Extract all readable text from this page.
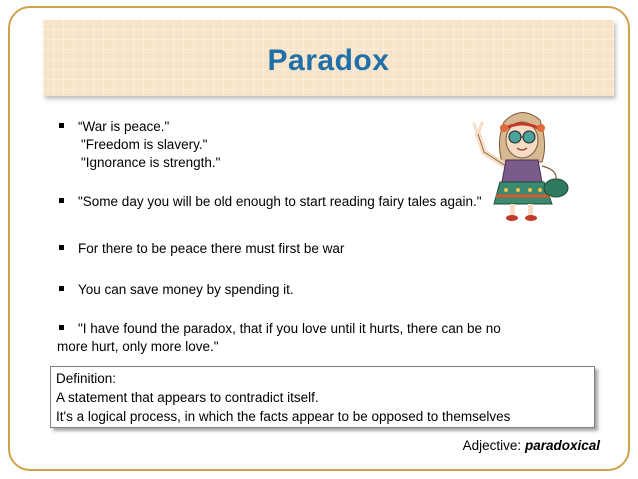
Paradox
“War is peace."
"Freedom is slavery."
"Ignorance is strength."
"Some day you will be old enough to start reading fairy tales again."
For there to be peace there must first be war
You can save money by spending it.
"I have found the paradox, that if you love until it hurts, there can be no
more hurt, only more love."
Definition:
A statement that appears to contradict itself.
It's a logical process, in which the facts appear to be opposed to themselves
Adjective: paradoxical
